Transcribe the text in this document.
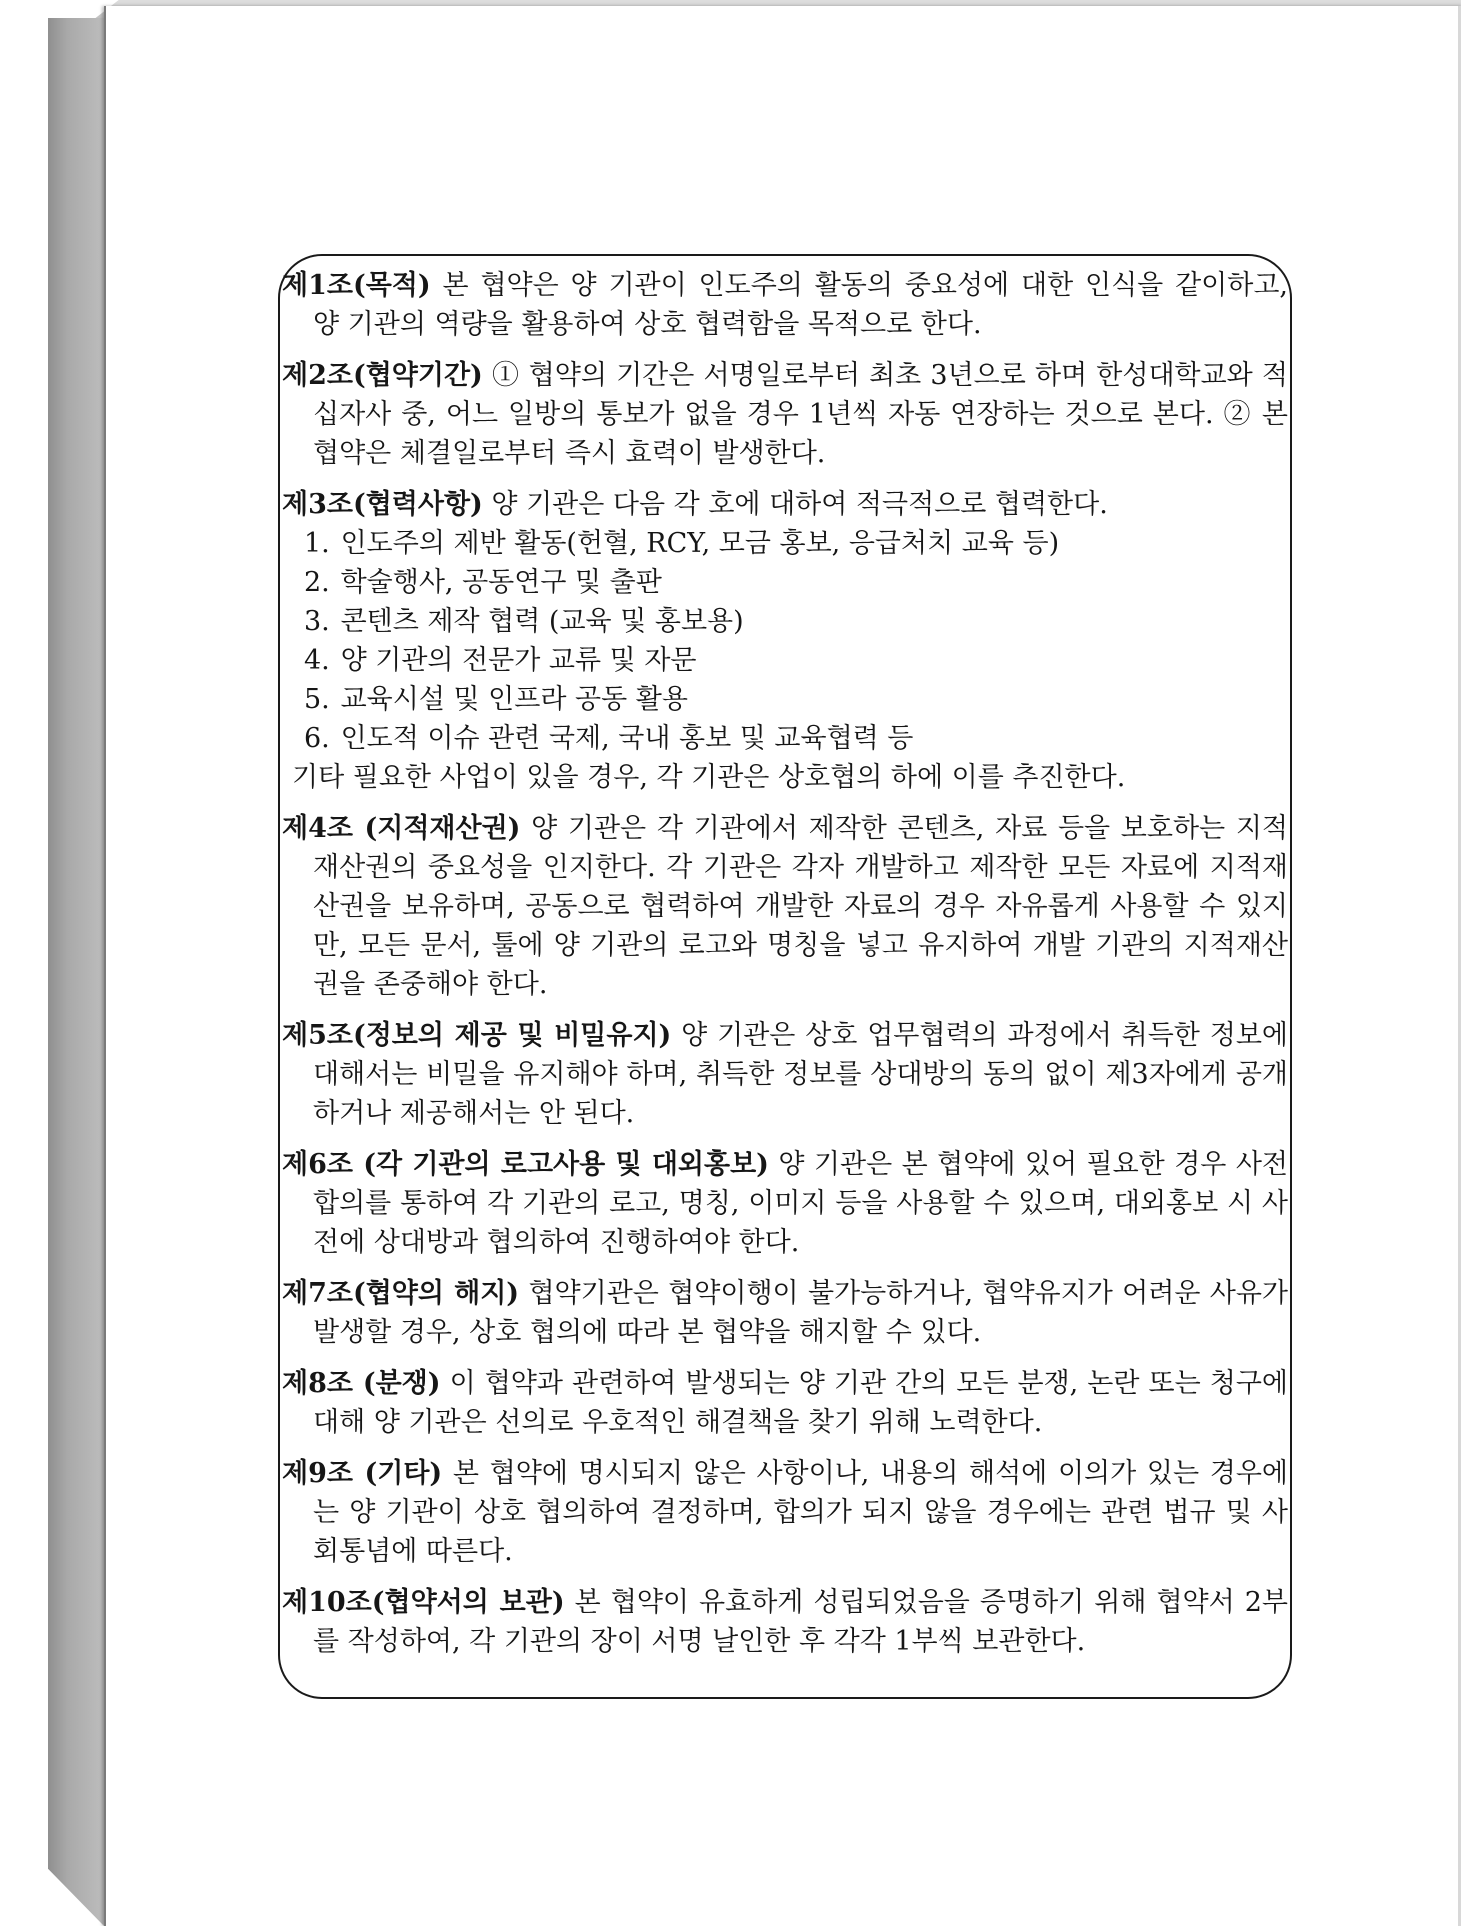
제1조(목적) 본 협약은 양 기관이 인도주의 활동의 중요성에 대한 인식을 같이하고, 양 기관의 역량을 활용하여 상호 협력함을 목적으로 한다.
제2조(협약기간) ① 협약의 기간은 서명일로부터 최초 3년으로 하며 한성대학교와 적십자사 중, 어느 일방의 통보가 없을 경우 1년씩 자동 연장하는 것으로 본다. ② 본 협약은 체결일로부터 즉시 효력이 발생한다.
제3조(협력사항) 양 기관은 다음 각 호에 대하여 적극적으로 협력한다.
1. 인도주의 제반 활동(헌혈, RCY, 모금 홍보, 응급처치 교육 등)
2. 학술행사, 공동연구 및 출판
3. 콘텐츠 제작 협력 (교육 및 홍보용)
4. 양 기관의 전문가 교류 및 자문
5. 교육시설 및 인프라 공동 활용
6. 인도적 이슈 관련 국제, 국내 홍보 및 교육협력 등
기타 필요한 사업이 있을 경우, 각 기관은 상호협의 하에 이를 추진한다.
제4조 (지적재산권) 양 기관은 각 기관에서 제작한 콘텐츠, 자료 등을 보호하는 지적재산권의 중요성을 인지한다. 각 기관은 각자 개발하고 제작한 모든 자료에 지적재산권을 보유하며, 공동으로 협력하여 개발한 자료의 경우 자유롭게 사용할 수 있지만, 모든 문서, 툴에 양 기관의 로고와 명칭을 넣고 유지하여 개발 기관의 지적재산권을 존중해야 한다.
제5조(정보의 제공 및 비밀유지) 양 기관은 상호 업무협력의 과정에서 취득한 정보에 대해서는 비밀을 유지해야 하며, 취득한 정보를 상대방의 동의 없이 제3자에게 공개하거나 제공해서는 안 된다.
제6조 (각 기관의 로고사용 및 대외홍보) 양 기관은 본 협약에 있어 필요한 경우 사전 합의를 통하여 각 기관의 로고, 명칭, 이미지 등을 사용할 수 있으며, 대외홍보 시 사전에 상대방과 협의하여 진행하여야 한다.
제7조(협약의 해지) 협약기관은 협약이행이 불가능하거나, 협약유지가 어려운 사유가 발생할 경우, 상호 협의에 따라 본 협약을 해지할 수 있다.
제8조 (분쟁) 이 협약과 관련하여 발생되는 양 기관 간의 모든 분쟁, 논란 또는 청구에 대해 양 기관은 선의로 우호적인 해결책을 찾기 위해 노력한다.
제9조 (기타) 본 협약에 명시되지 않은 사항이나, 내용의 해석에 이의가 있는 경우에는 양 기관이 상호 협의하여 결정하며, 합의가 되지 않을 경우에는 관련 법규 및 사회통념에 따른다.
제10조(협약서의 보관) 본 협약이 유효하게 성립되었음을 증명하기 위해 협약서 2부를 작성하여, 각 기관의 장이 서명 날인한 후 각각 1부씩 보관한다.
